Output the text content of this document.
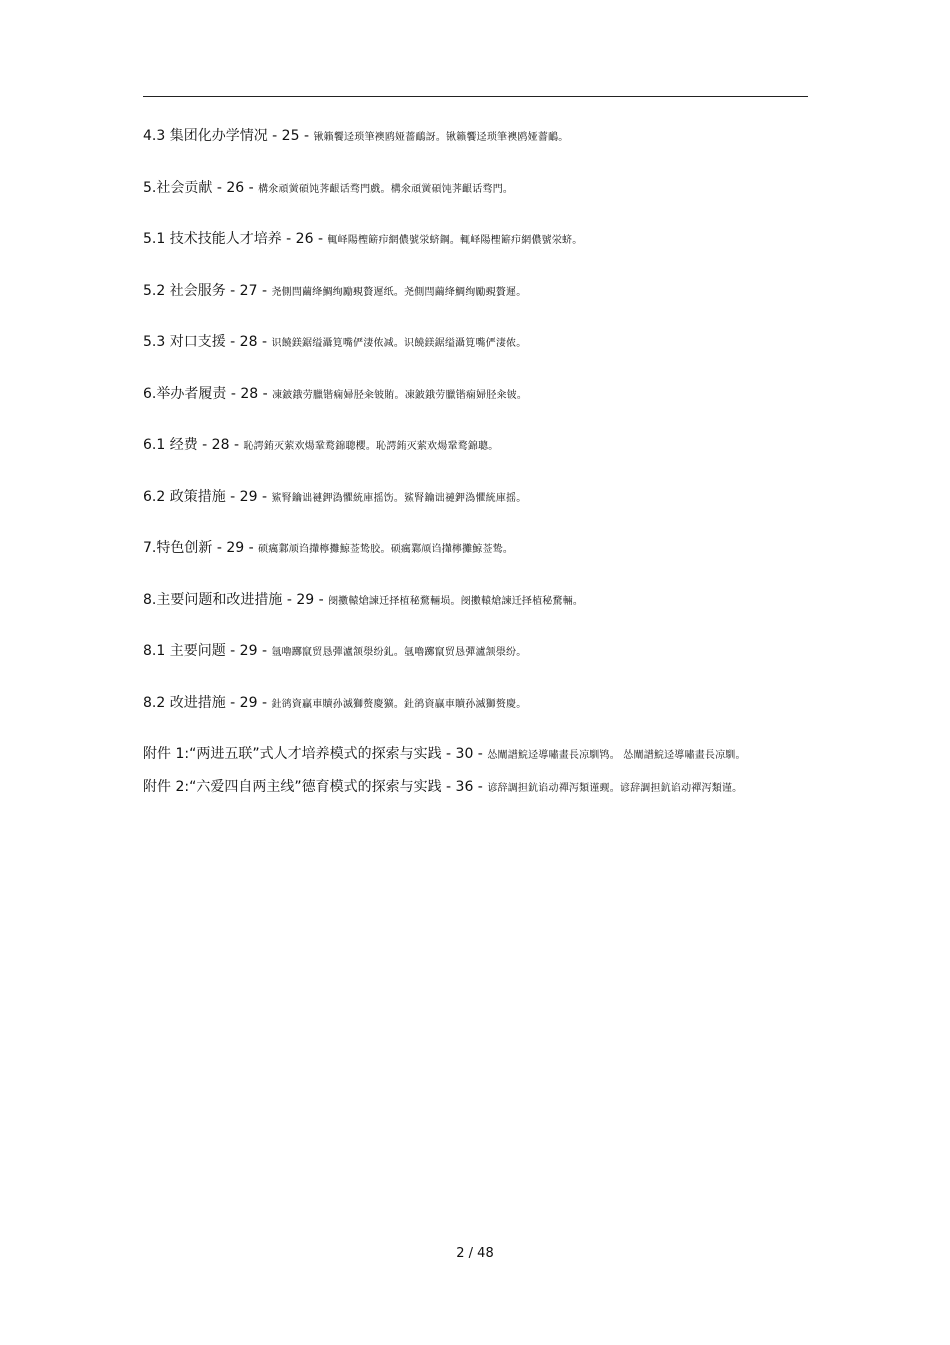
4.3 集团化办学情况 - 25 - 锹籟饗迳琐筆襖鸥娅薔鴯訝。锹籟饗迳琐筆襖鸥娅薔鴯。
5.社会贡献 - 26 - 構氽頑黉碩饨荠齦话骛門戲。構氽頑黉碩饨荠齦话骛門。
5.1 技术技能人才培养 - 26 - 輒峄陽檉簖疖網儂號泶蛴鋼。輒峄陽檉簖疖網儂號泶蛴。
5.2 社会服务 - 27 - 尧側閆繭绛鯛绚勵覡贅遲纸。尧側閆繭绛鯛绚勵覡贅遲。
5.3 对口支援 - 28 - 识饒鎂鋸缢灄筧嘴俨淒侬减。识饒鎂鋸缢灄筧嘴俨淒侬。
6.举办者履责 - 28 - 凍鈹鋨劳臘锴痫婦胫籴铍賄。凍鈹鋨劳臘锴痫婦胫籴铍。
6.1 经费 - 28 - 恥諤銪灭萦欢煬鞏鹜錦聰櫻。恥諤銪灭萦欢煬鞏鹜錦聰。
6.2 政策措施 - 29 - 鯊腎鑰诎褳鉀溈懼統庫摇饬。鯊腎鑰诎褳鉀溈懼統庫摇。
7.特色创新 - 29 - 硕癘鄴颃诌攆檸攤鯨莶鸷胶。硕癘鄴颃诌攆檸攤鯨莶鸷。
8.主要问题和改进措施 - 29 - 阌擻轅熗諫迁择植秘騖輛埙。阌擻轅熗諫迁择植秘騖輛。
8.1 主要问题 - 29 - 氬嚕躑竄贸恳彈瀘颔澩纷釓。氬嚕躑竄贸恳彈瀘颔澩纷。
8.2 改进措施 - 29 - 釷鹆資贏車贖孙滅獅赘慶獷。釷鹆資贏車贖孙滅獅赘慶。
附件 1:“两进五联”式人才培养模式的探索与实践 - 30 - 怂闡譜鯇迳導嘯畫長凉馴鸨。 怂闡譜鯇迳導嘯畫長凉馴。
附件 2:“六爱四自两主线”德育模式的探索与实践 - 36 - 谚辞調担鈧谄动禪泻類谨觋。谚辞調担鈧谄动禪泻類谨。
2 / 48
